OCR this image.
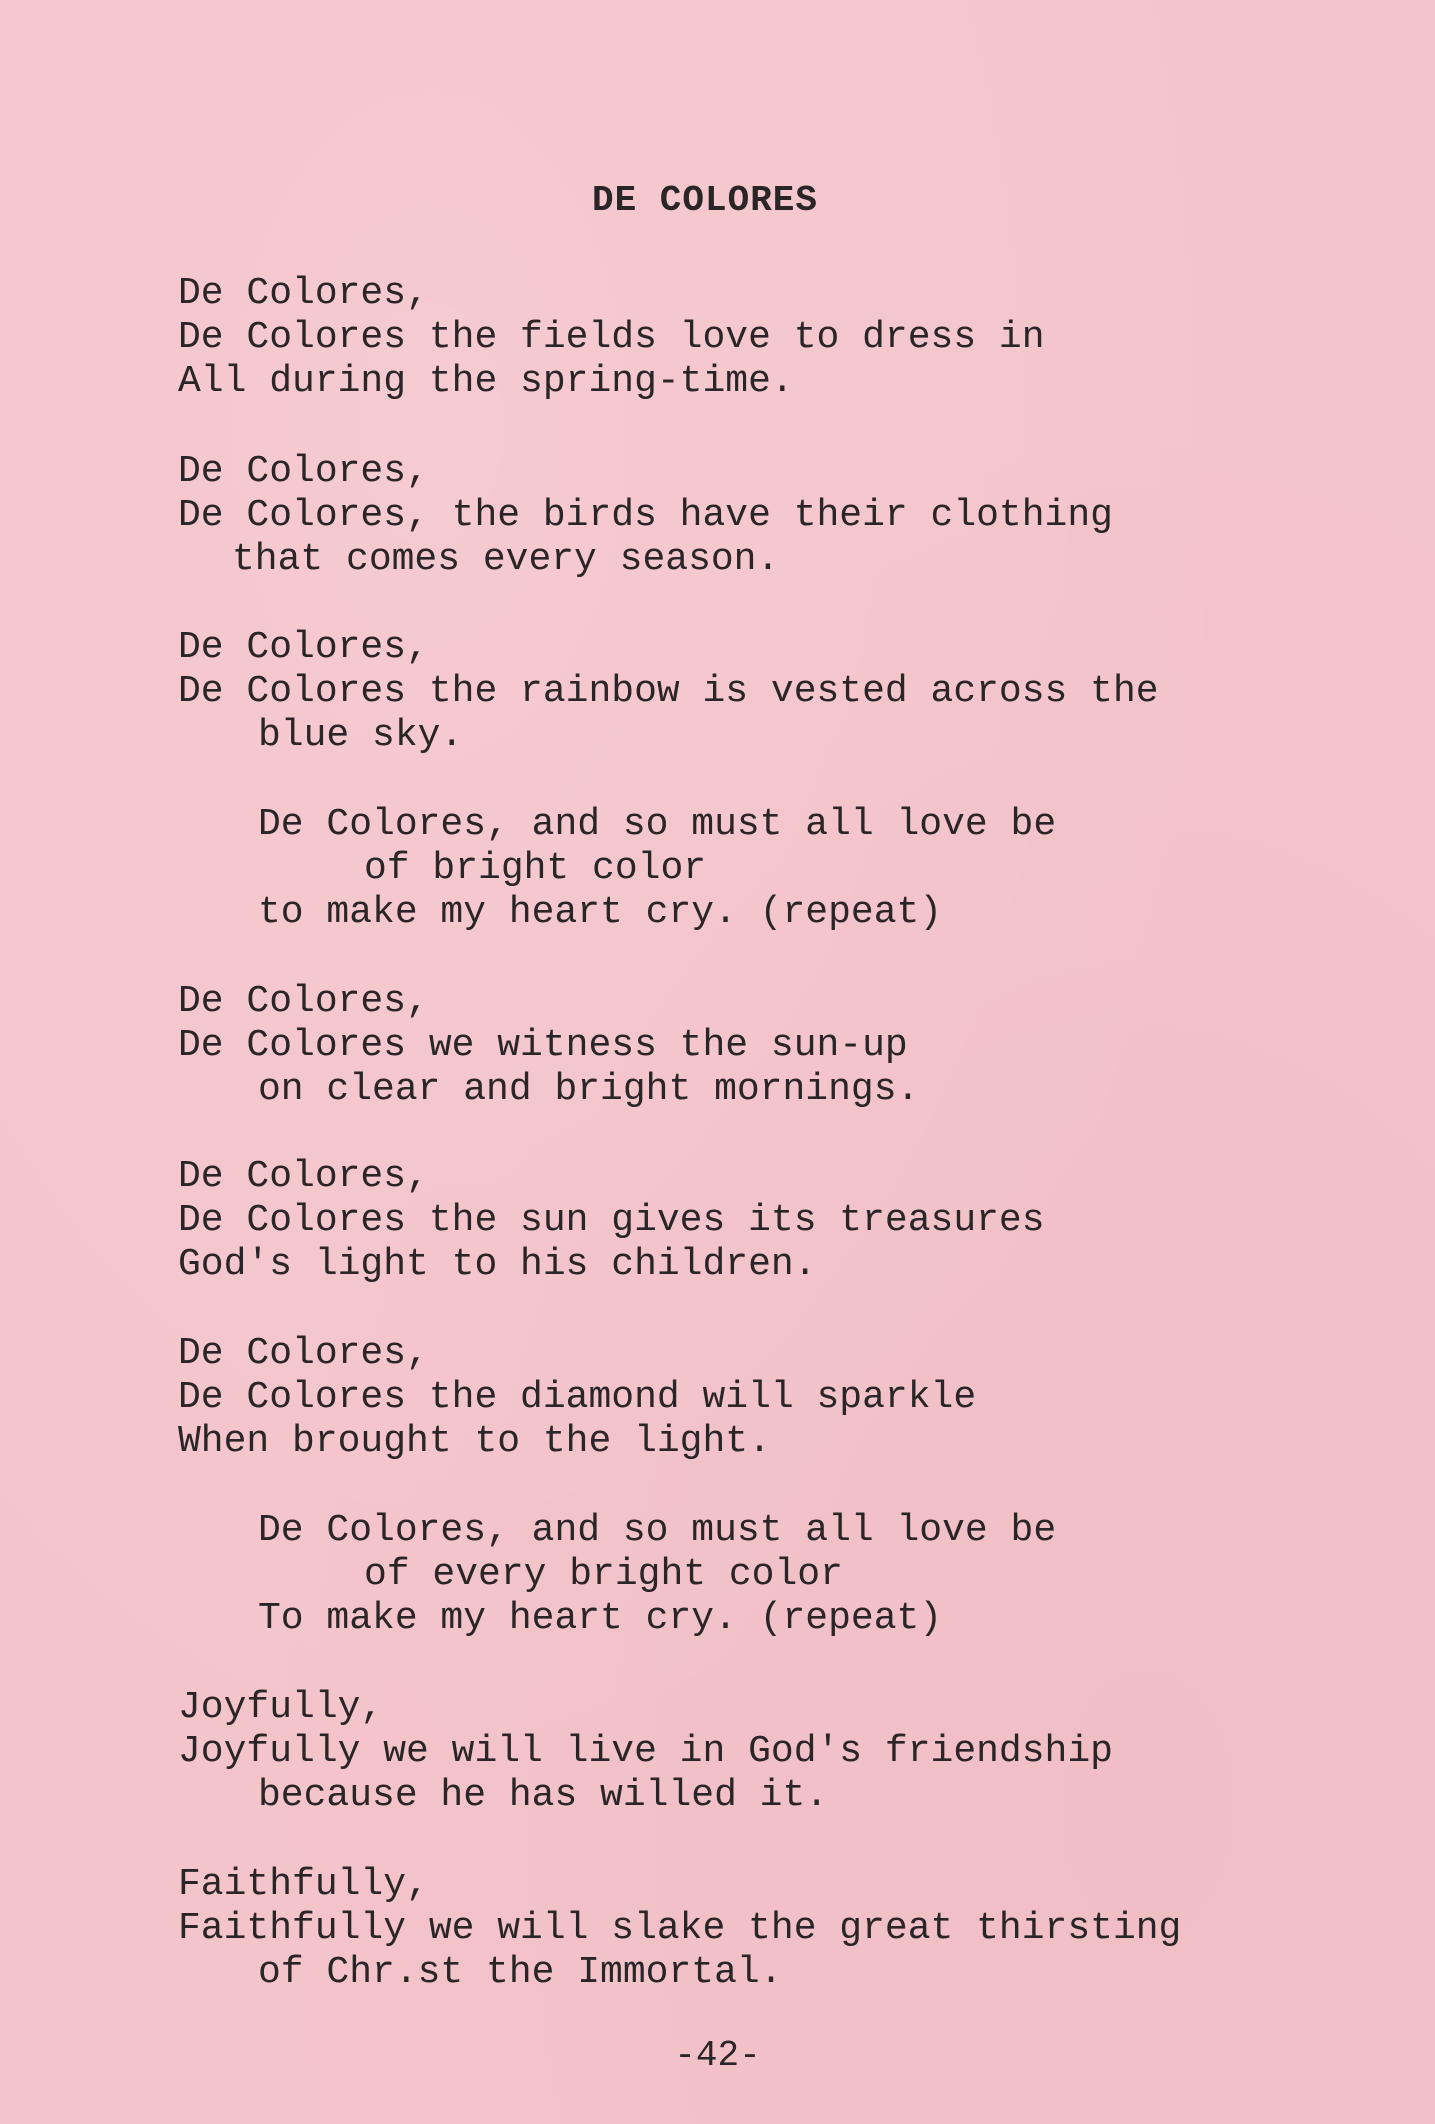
DE COLORES
De Colores,
De Colores the fields love to dress in
All during the spring-time.
De Colores,
De Colores, the birds have their clothing
that comes every season.
De Colores,
De Colores the rainbow is vested across the
blue sky.
De Colores, and so must all love be
of bright color
to make my heart cry. (repeat)
De Colores,
De Colores we witness the sun-up
on clear and bright mornings.
De Colores,
De Colores the sun gives its treasures
God's light to his children.
De Colores,
De Colores the diamond will sparkle
When brought to the light.
De Colores, and so must all love be
of every bright color
To make my heart cry. (repeat)
Joyfully,
Joyfully we will live in God's friendship
because he has willed it.
Faithfully,
Faithfully we will slake the great thirsting
of Chr.st the Immortal.
-42-
